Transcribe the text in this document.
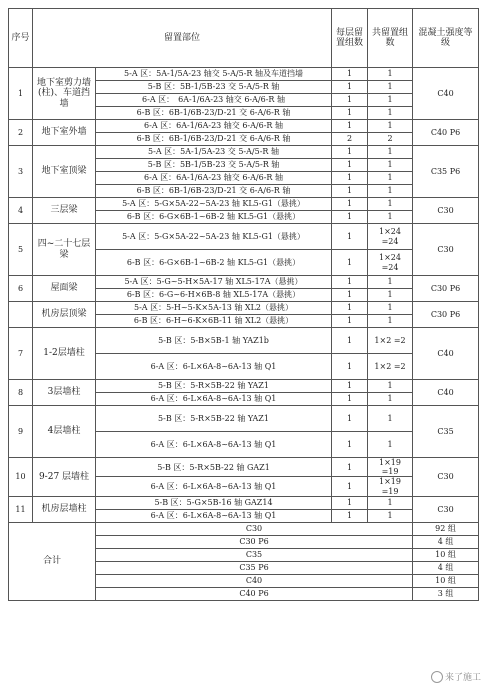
序号	留置部位		每层留置组数	共留置组数	混凝土强度等级
1	地下室剪力墙(柱)、车道挡墙	5-A 区：5A-1/5A-23 轴交 5-A/5-R 轴及车道挡墙	1	1	C40
		5-B 区：5B-1/5B-23 交 5-A/5-R 轴	1	1	
		6-A 区：　6A-1/6A-23 轴交 6-A/6-R 轴	1	1	
		6-B 区：6B-1/6B-23/D-21 交 6-A/6-R 轴	1	1	
2	地下室外墙	6-A 区：6A-1/6A-23 轴交 6-A/6-R 轴	1	1	C40 P6
		6-B 区：6B-1/6B-23/D-21 交 6-A/6-R 轴	2	2	
3	地下室顶梁	5-A 区：5A-1/5A-23 交 5-A/5-R 轴	1	1	C35 P6
		5-B 区：5B-1/5B-23 交 5-A/5-R 轴	1	1	
		6-A 区：6A-1/6A-23 轴交 6-A/6-R 轴	1	1	
		6-B 区：6B-1/6B-23/D-21 交 6-A/6-R 轴	1	1	
4	三层梁	5-A 区：5-G×5A-22~5A-23 轴 KL5-G1（悬挑）	1	1	C30
		6-B 区：6-G×6B-1~6B-2 轴 KL5-G1（悬挑）	1	1	
5	四~二十七层梁	5-A 区：5-G×5A-22~5A-23 轴 KL5-G1（悬挑）	1	1×24 =24	C30
		6-B 区：6-G×6B-1~6B-2 轴 KL5-G1（悬挑）	1	1×24 =24	
6	屋面梁	5-A 区：5-G~5-H×5A-17 轴 XL5-17A（悬挑）	1	1	C30 P6
		6-B 区：6-G~6-H×6B-8 轴 XL5-17A（悬挑）	1	1	
	机房层顶梁	5-A 区：5-H~5-K×5A-13 轴 XL2（悬挑）	1	1	C30 P6
		6-B 区：6-H~6-K×6B-11 轴 XL2（悬挑）	1	1	
7	1-2层墙柱	5-B 区：5-B×5B-1 轴 YAZ1b	1	1×2 =2	C40
		6-A 区：6-L×6A-8~6A-13 轴 Q1	1	1×2 =2	
8	3层墙柱	5-B 区：5-R×5B-22 轴 YAZ1	1	1	C40
		6-A 区：6-L×6A-8~6A-13 轴 Q1	1	1	
9	4层墙柱	5-B 区：5-R×5B-22 轴 YAZ1	1	1	C35
		6-A 区：6-L×6A-8~6A-13 轴 Q1	1	1	
10	9-27 层墙柱	5-B 区：5-R×5B-22 轴 GAZ1	1	1×19 =19	C30
		6-A 区：6-L×6A-8~6A-13 轴 Q1	1	1×19 =19	
11	机房层墙柱	5-B 区：5-G×5B-16 轴 GAZ14	1	1	C30
		6-A 区：6-L×6A-8~6A-13 轴 Q1	1	1	
合计		C30			92 组
		C30 P6			4 组
		C35			10 组
		C35 P6			4 组
		C40			10 组
		C40 P6			3 组
来了施工
